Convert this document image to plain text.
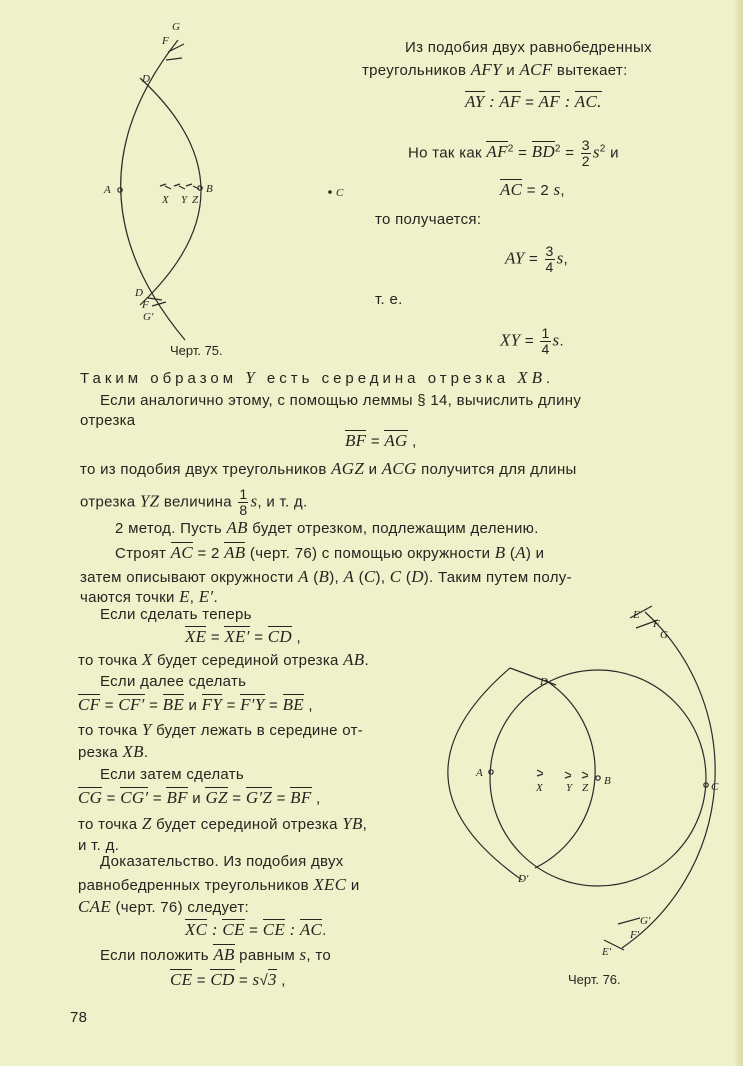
Из подобия двух равнобедренных
треугольников AFY и ACF вытекает:
AY : AF = AF : AC.
Но так как $AF^2 = BD^2 = \frac{3}{2} s^2$ и
AC = 2 s,
то получается:
AY = $\frac{3}{4} s$,
т. е.
XY = $\frac{1}{4} s$.
Таким образом Y есть середина отрезка XB.
Если аналогично этому, с помощью леммы § 14, вычислить длину
отрезка
BF = AG ,
то из подобия двух треугольников AGZ и ACG получится для длины
отрезка YZ величина $\frac{1}{8} s$, и т. д.
2 метод. Пусть AB будет отрезком, подлежащим делению.
Строят AC = 2 AB (черт. 76) с помощью окружности B (A) и
затем описывают окружности A (B), A (C), C (D). Таким путем полу-
чаются точки E, E′.
Если сделать теперь
XE = XE′ = CD ,
то точка X будет серединой отрезка AB.
Если далее сделать
CF = CF′ = BE и FY = F′Y = BE ,
то точка Y будет лежать в середине от-
резка XB.
Если затем сделать
CG = CG′ = BF и GZ = G′Z = BF ,
то точка Z будет серединой отрезка YB,
и т. д.
Доказательство. Из подобия двух
равнобедренных треугольников XEC и
CAE (черт. 76) следует:
XC : CE = CE : AC.
Если положить AB равным s, то
CE = CD = s√3 ,
G
F
D
A
X Y Z
B	C
D
F
G′
E
F
G
D
A
X Y Z
B	C
D′
G′
F′
E′
Черт. 75.
Черт. 76.
78
